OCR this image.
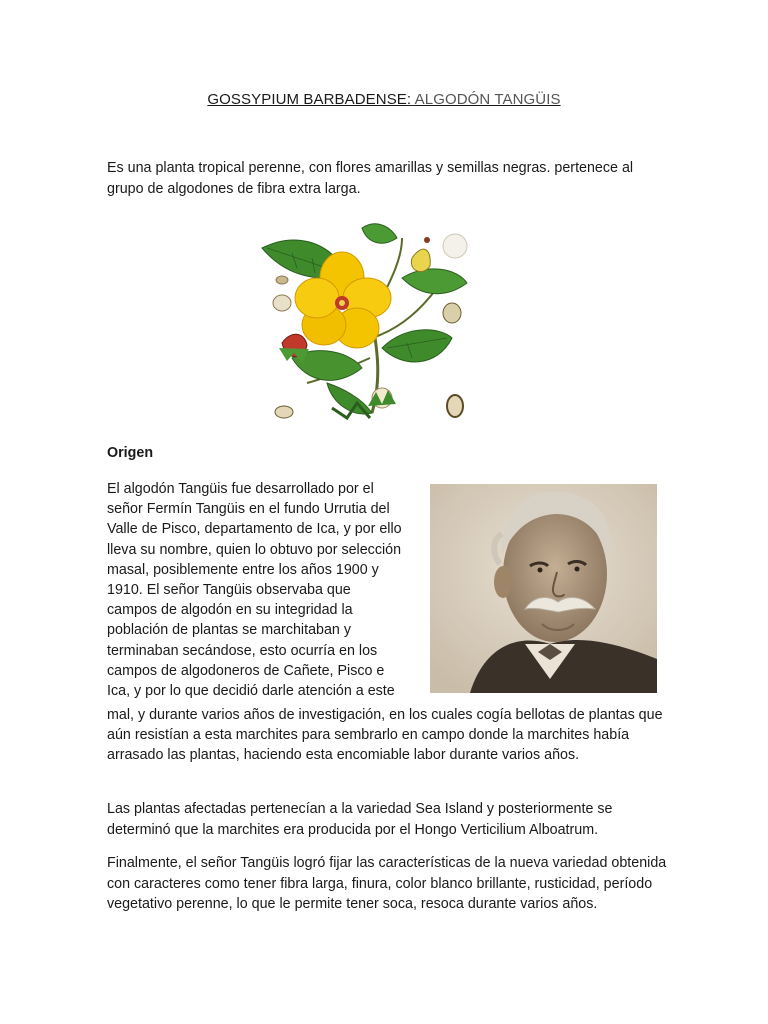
GOSSYPIUM BARBADENSE: ALGODÓN TANGÜIS

Es una planta tropical perenne, con flores amarillas y semillas negras. pertenece al grupo de algodones de fibra extra larga.

Origen

El algodón Tangüis fue desarrollado por el
señor Fermín Tangüis en el fundo Urrutia del
Valle de Pisco, departamento de Ica, y por ello
lleva su nombre, quien lo obtuvo por selección
masal, posiblemente entre los años 1900 y
1910. El señor Tangüis observaba que
campos de algodón en su integridad la
población de plantas se marchitaban y
terminaban secándose, esto ocurría en los
campos de algodoneros de Cañete, Pisco e
Ica, y por lo que decidió darle atención a este

mal, y durante varios años de investigación, en los cuales cogía bellotas de plantas que aún resistían a esta marchites para sembrarlo en campo donde la marchites había arrasado las plantas, haciendo esta encomiable labor durante varios años.

Las plantas afectadas pertenecían a la variedad Sea Island y posteriormente se determinó que la marchites era producida por el Hongo Verticilium Alboatrum.

Finalmente, el señor Tangüis logró fijar las características de la nueva variedad obtenida con caracteres como tener fibra larga, finura, color blanco brillante, rusticidad, período vegetativo perenne, lo que le permite tener soca, resoca durante varios años.
